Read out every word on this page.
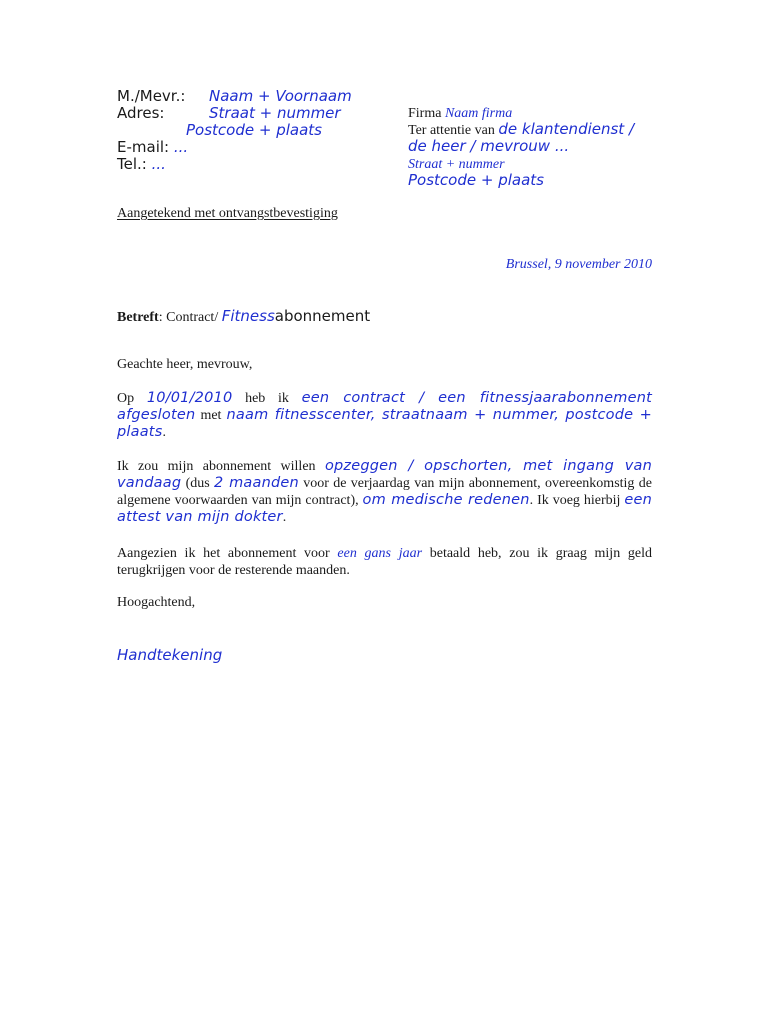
M./Mevr.: Naam + Voornaam
Adres:	Straat + nummer
Postcode + plaats
E-mail: ...
Tel.: ...
Firma Naam firma
Ter attentie van de klantendienst /
de heer / mevrouw ...
Straat + nummer
Postcode + plaats
Aangetekend met ontvangstbevestiging
Brussel, 9 november 2010
Betreft: Contract/ Fitnessabonnement
Geachte heer, mevrouw,
Op 10/01/2010 heb ik een contract / een fitnessjaarabonnement afgesloten met naam fitnesscenter, straatnaam + nummer, postcode + plaats.
Ik zou mijn abonnement willen opzeggen / opschorten, met ingang van vandaag (dus 2 maanden voor de verjaardag van mijn abonnement, overeenkomstig de algemene voorwaarden van mijn contract), om medische redenen. Ik voeg hierbij een attest van mijn dokter.
Aangezien ik het abonnement voor een gans jaar betaald heb, zou ik graag mijn geld terugkrijgen voor de resterende maanden.
Hoogachtend,
Handtekening
